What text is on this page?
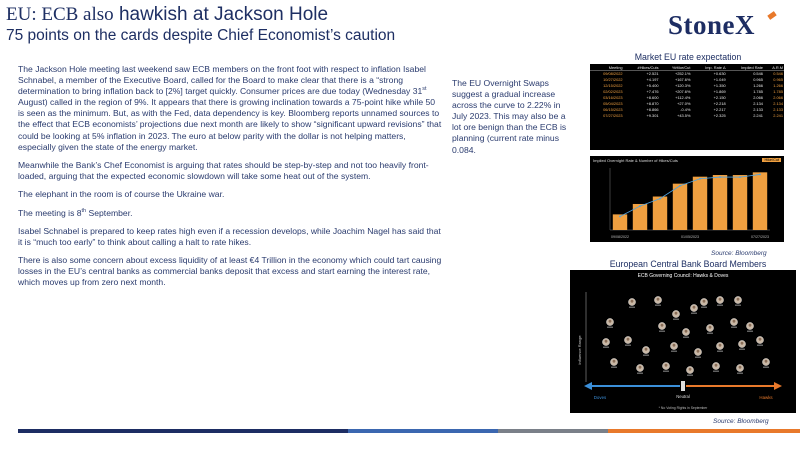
EU: ECB also hawkish at Jackson Hole
75 points on the cards despite Chief Economist’s caution	StoneX

The Jackson Hole meeting last weekend saw ECB members on the front foot with respect to inflation Isabel Schnabel, a member of the Executive Board, called for the Board to make clear that there is a “strong determination to bring inflation back to [2%] target quickly. Consumer prices are due today (Wednesday 31st August) called in the region of 9%. It appears that there is growing inclination towards a 75-point hike while 50 is seen as the minimum. But, as with the Fed, data dependency is key. Bloomberg reports unnamed sources to the effect that ECB economists’ projections due next month are likely to show “significant upward revisions” that could be looking at 5% inflation in 2023. The euro at below parity with the dollar is not helping matters, especially given the state of the energy market.

Meanwhile the Bank’s Chef Economist is arguing that rates should be step-by-step and not too heavily front-loaded, arguing that the expected economic slowdown will take some heat out of the system.

The elephant in the room is of course the Ukraine war.

The meeting is 8th September.

Isabel Schnabel is prepared to keep rates high even if a recession develops, while Joachim Nagel has said that it is “much too early” to think about calling a halt to rate hikes.

There is also some concern about excess liquidity of at least €4 Trillion in the economy which could tart causing losses in the EU’s central banks as commercial banks deposit that excess and start earning the interest rate, which moves up from zero next month.

The EU Overnight Swaps suggest a gradual increase across the curve to 2.22% in July 2023. This may also be a lot ore benign than the ECB is planning (current rate minus 0.084.
Market EU rate expectation
Meeting	#Hikes/Cuts	%Hike/Cut	Imp. Rate Δ	Implied Rate	A.R.M
09/08/2022	+2.521	+252.1%	+0.630	0.546	0.546
10/27/2022	+4.197	+167.6%	+1.049	0.965	0.965
12/15/2022	+5.400	+120.3%	+1.350	1.266	1.266
02/02/2023	+7.476	+207.6%	+1.869	1.785	1.785
03/16/2023	+8.600	+112.4%	+2.150	2.066	2.066
05/04/2023	+8.870	+27.0%	+2.218	2.134	2.134
06/15/2023	+8.866	-0.4%	+2.217	2.133	2.133
07/27/2023	+9.301	+43.5%	+2.325	2.241	2.241
Implied Overnight Rate & Number of Hikes/Cuts	Hike/Cut
09/08/2022	01/05/2023	07/27/2023
Source: Bloomberg
European Central Bank Board Members
ECB Governing Council: Hawks & Doves
Influence Range
Neutral
Doves	Hawks
* No Voting Rights in September
Source: Bloomberg
